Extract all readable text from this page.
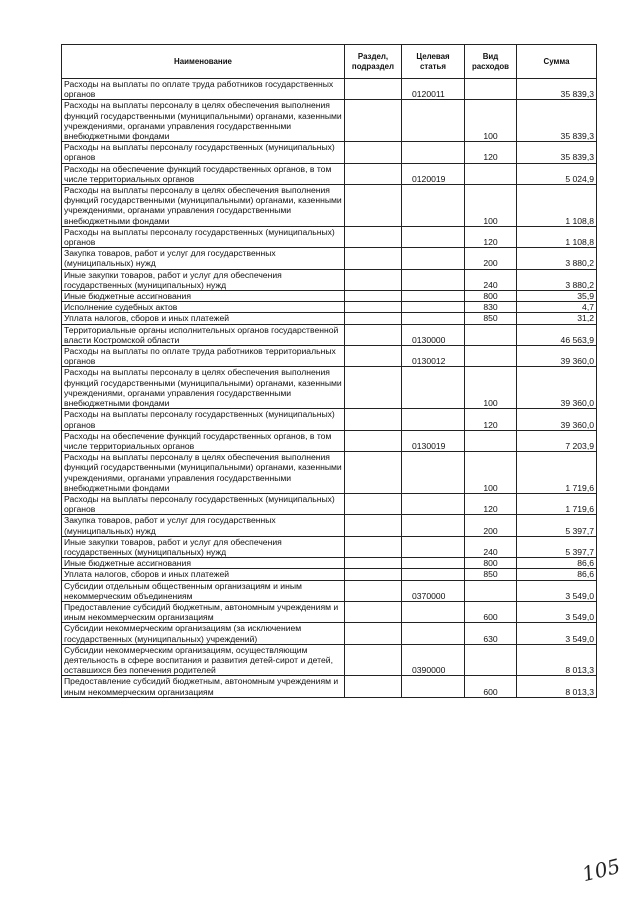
Наименование	Раздел, подраздел	Целевая статья	Вид расходов	Сумма
Расходы на выплаты по оплате труда работников государственных органов		0120011		35 839,3
Расходы на выплаты персоналу в целях обеспечения выполнения функций государственными (муниципальными) органами, казенными учреждениями, органами управления государственными внебюджетными фондами			100	35 839,3
Расходы на выплаты персоналу государственных (муниципальных) органов			120	35 839,3
Расходы на обеспечение функций государственных органов, в том числе территориальных органов		0120019		5 024,9
Расходы на выплаты персоналу в целях обеспечения выполнения функций государственными (муниципальными) органами, казенными учреждениями, органами управления государственными внебюджетными фондами			100	1 108,8
Расходы на выплаты персоналу государственных (муниципальных) органов			120	1 108,8
Закупка товаров, работ и услуг для государственных (муниципальных) нужд			200	3 880,2
Иные закупки товаров, работ и услуг для обеспечения государственных (муниципальных) нужд			240	3 880,2
Иные бюджетные ассигнования			800	35,9
Исполнение судебных актов			830	4,7
Уплата налогов, сборов и иных платежей			850	31,2
Территориальные органы исполнительных органов государственной власти Костромской области		0130000		46 563,9
Расходы на выплаты по оплате труда работников территориальных органов		0130012		39 360,0
Расходы на выплаты персоналу в целях обеспечения выполнения функций государственными (муниципальными) органами, казенными учреждениями, органами управления государственными внебюджетными фондами			100	39 360,0
Расходы на выплаты персоналу государственных (муниципальных) органов			120	39 360,0
Расходы на обеспечение функций государственных органов, в том числе территориальных органов		0130019		7 203,9
Расходы на выплаты персоналу в целях обеспечения выполнения функций государственными (муниципальными) органами, казенными учреждениями, органами управления государственными внебюджетными фондами			100	1 719,6
Расходы на выплаты персоналу государственных (муниципальных) органов			120	1 719,6
Закупка товаров, работ и услуг для государственных (муниципальных) нужд			200	5 397,7
Иные закупки товаров, работ и услуг для обеспечения государственных (муниципальных) нужд			240	5 397,7
Иные бюджетные ассигнования			800	86,6
Уплата налогов, сборов и иных платежей			850	86,6
Субсидии отдельным общественным организациям и иным некоммерческим объединениям		0370000		3 549,0
Предоставление субсидий бюджетным, автономным учреждениям и иным некоммерческим организациям			600	3 549,0
Субсидии некоммерческим организациям (за исключением государственных (муниципальных) учреждений)			630	3 549,0
Субсидии некоммерческим организациям, осуществляющим деятельность в сфере воспитания и развития детей-сирот и детей, оставшихся без попечения родителей		0390000		8 013,3
Предоставление субсидий бюджетным, автономным учреждениям и иным некоммерческим организациям			600	8 013,3
105
